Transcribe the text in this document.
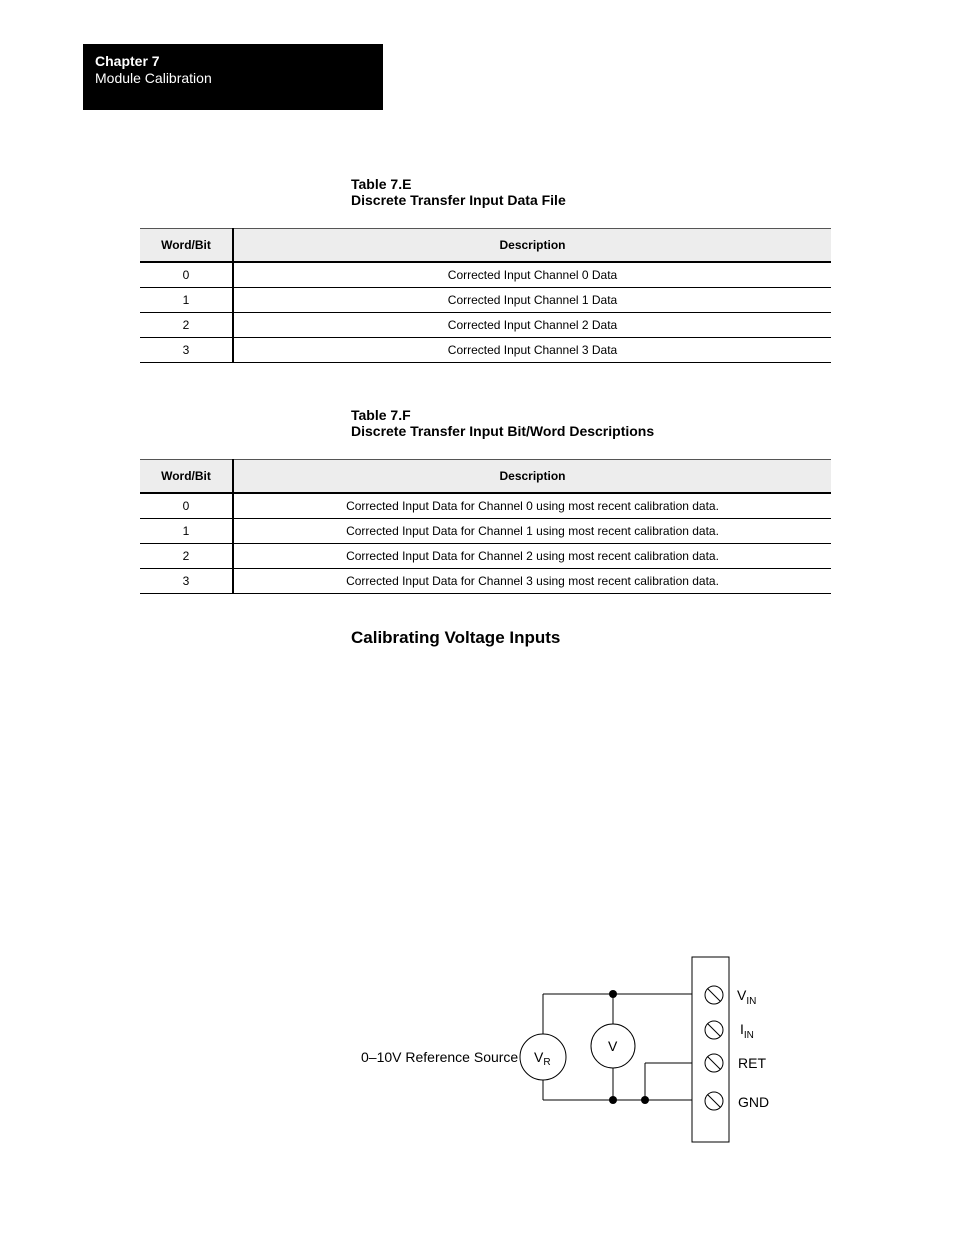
Chapter 7
Module Calibration
Table 7.E
Discrete Transfer Input Data File
Word/Bit	Description
0	Corrected Input Channel 0 Data
1	Corrected Input Channel 1 Data
2	Corrected Input Channel 2 Data
3	Corrected Input Channel 3 Data
Table 7.F
Discrete Transfer Input Bit/Word Descriptions
Word/Bit	Description
0	Corrected Input Data for Channel 0 using most recent calibration data.
1	Corrected Input Data for Channel 1 using most recent calibration data.
2	Corrected Input Data for Channel 2 using most recent calibration data.
3	Corrected Input Data for Channel 3 using most recent calibration data.
Calibrating Voltage Inputs
0–10V Reference Source $V_R$
V
$V_{IN}$
$I_{IN}$
RET
GND
